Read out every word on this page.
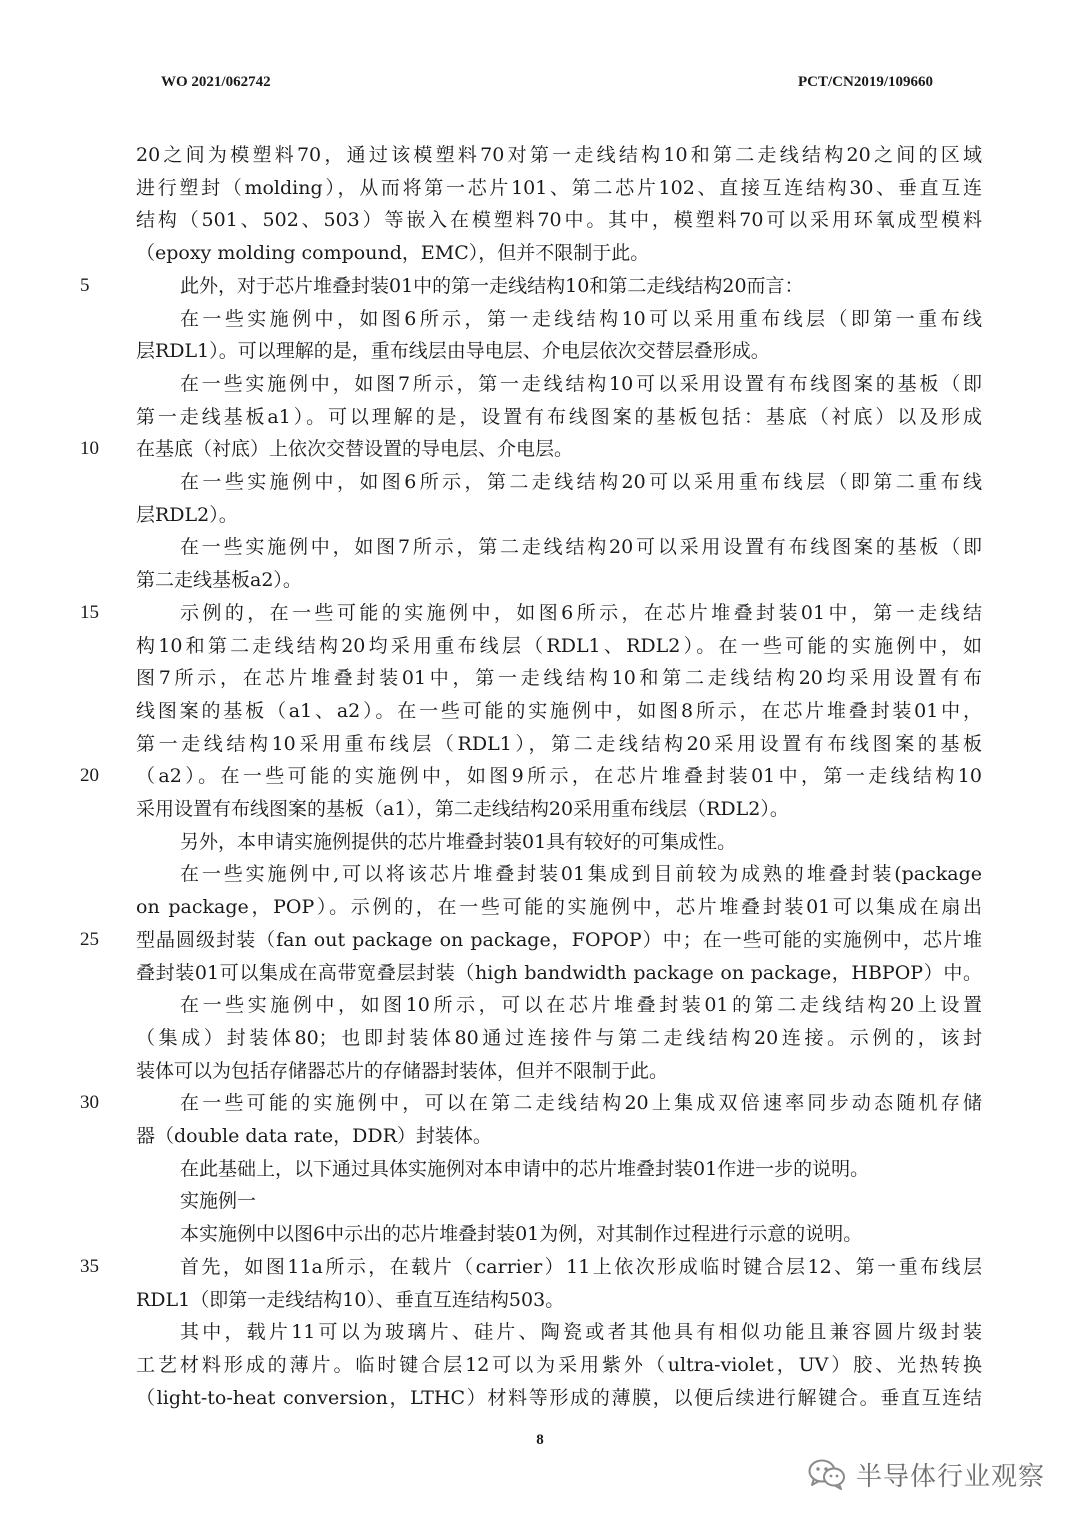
WO 2021/062742	PCT/CN2019/109660
20之间为模塑料70，通过该模塑料70对第一走线结构10和第二走线结构20之间的区域
进行塑封（molding），从而将第一芯片101、第二芯片102、直接互连结构30、垂直互连
结构（501、502、503）等嵌入在模塑料70中。其中，模塑料70可以采用环氧成型模料
（epoxy molding compound，EMC），但并不限制于此。
此外，对于芯片堆叠封装01中的第一走线结构10和第二走线结构20而言：
在一些实施例中，如图6所示，第一走线结构10可以采用重布线层（即第一重布线
层RDL1）。可以理解的是，重布线层由导电层、介电层依次交替层叠形成。
在一些实施例中，如图7所示，第一走线结构10可以采用设置有布线图案的基板（即
第一走线基板a1）。可以理解的是，设置有布线图案的基板包括：基底（衬底）以及形成
在基底（衬底）上依次交替设置的导电层、介电层。
在一些实施例中，如图6所示，第二走线结构20可以采用重布线层（即第二重布线
层RDL2）。
在一些实施例中，如图7所示，第二走线结构20可以采用设置有布线图案的基板（即
第二走线基板a2）。
示例的，在一些可能的实施例中，如图6所示，在芯片堆叠封装01中，第一走线结
构10和第二走线结构20均采用重布线层（RDL1、RDL2）。在一些可能的实施例中，如
图7所示，在芯片堆叠封装01中，第一走线结构10和第二走线结构20均采用设置有布
线图案的基板（a1、a2）。在一些可能的实施例中，如图8所示，在芯片堆叠封装01中，
第一走线结构10采用重布线层（RDL1），第二走线结构20采用设置有布线图案的基板
（a2）。在一些可能的实施例中，如图9所示，在芯片堆叠封装01中，第一走线结构10
采用设置有布线图案的基板（a1），第二走线结构20采用重布线层（RDL2）。
另外，本申请实施例提供的芯片堆叠封装01具有较好的可集成性。
在一些实施例中,可以将该芯片堆叠封装01集成到目前较为成熟的堆叠封装(package
on package，POP）。示例的，在一些可能的实施例中，芯片堆叠封装01可以集成在扇出
型晶圆级封装（fan out package on package，FOPOP）中；在一些可能的实施例中，芯片堆
叠封装01可以集成在高带宽叠层封装（high bandwidth package on package，HBPOP）中。
在一些实施例中，如图10所示，可以在芯片堆叠封装01的第二走线结构20上设置
（集成）封装体80；也即封装体80通过连接件与第二走线结构20连接。示例的，该封
装体可以为包括存储器芯片的存储器封装体，但并不限制于此。
在一些可能的实施例中，可以在第二走线结构20上集成双倍速率同步动态随机存储
器（double data rate，DDR）封装体。
在此基础上，以下通过具体实施例对本申请中的芯片堆叠封装01作进一步的说明。
实施例一
本实施例中以图6中示出的芯片堆叠封装01为例，对其制作过程进行示意的说明。
首先，如图11a所示，在载片（carrier）11上依次形成临时键合层12、第一重布线层
RDL1（即第一走线结构10）、垂直互连结构503。
其中，载片11可以为玻璃片、硅片、陶瓷或者其他具有相似功能且兼容圆片级封装
工艺材料形成的薄片。临时键合层12可以为采用紫外（ultra-violet，UV）胶、光热转换
（light-to-heat conversion，LTHC）材料等形成的薄膜，以便后续进行解键合。垂直互连结
5
10
15
20
25
30
35
8
半导体行业观察
